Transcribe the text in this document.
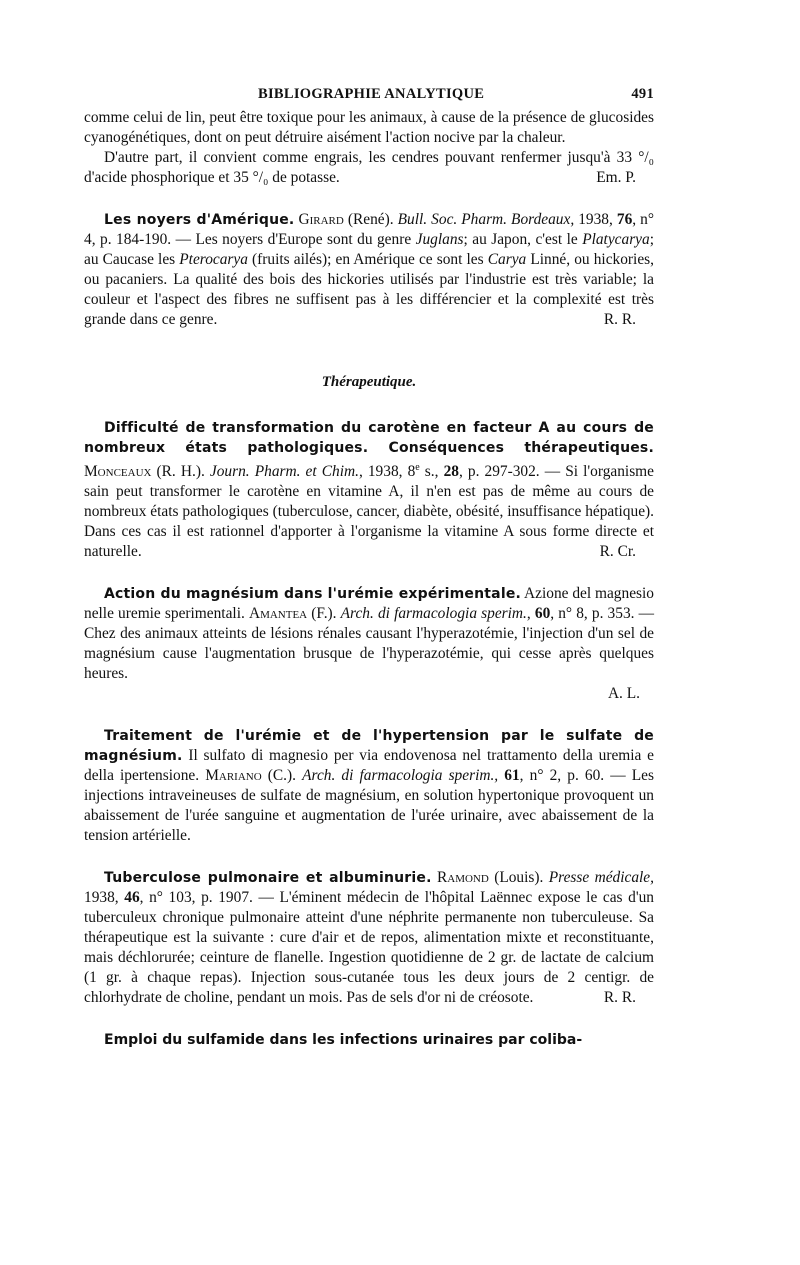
BIBLIOGRAPHIE ANALYTIQUE	491

comme celui de lin, peut être toxique pour les animaux, à cause de la présence de glucosides cyanogénétiques, dont on peut détruire aisément l'action nocive par la chaleur.

D'autre part, il convient comme engrais, les cendres pouvant renfermer jusqu'à 33 °/₀ d'acide phosphorique et 35 °/₀ de potasse.	Em. P.

Les noyers d'Amérique. Girard (René). Bull. Soc. Pharm. Bordeaux, 1938, 76, n° 4, p. 184-190. — Les noyers d'Europe sont du genre Juglans; au Japon, c'est le Platycarya; au Caucase les Pterocarya (fruits ailés); en Amérique ce sont les Carya Linné, ou hickories, ou pacaniers. La qualité des bois des hickories utilisés par l'industrie est très variable; la couleur et l'aspect des fibres ne suffisent pas à les différencier et la complexité est très grande dans ce genre.	R. R.

Thérapeutique.

Difficulté de transformation du carotène en facteur A au cours de nombreux états pathologiques. Conséquences thérapeutiques. Monceaux (R. H.). Journ. Pharm. et Chim., 1938, 8e s., 28, p. 297-302. — Si l'organisme sain peut transformer le carotène en vitamine A, il n'en est pas de même au cours de nombreux états pathologiques (tuberculose, cancer, diabète, obésité, insuffisance hépatique). Dans ces cas il est rationnel d'apporter à l'organisme la vitamine A sous forme directe et naturelle.	R. Cr.

Action du magnésium dans l'urémie expérimentale. Azione del magnesio nelle uremie sperimentali. Amantea (F.). Arch. di farmacologia sperim., 60, n° 8, p. 353. — Chez des animaux atteints de lésions rénales causant l'hyperazotémie, l'injection d'un sel de magnésium cause l'augmentation brusque de l'hyperazotémie, qui cesse après quelques heures.

A. L.

Traitement de l'urémie et de l'hypertension par le sulfate de magnésium. Il sulfato di magnesio per via endovenosa nel trattamento della uremia e della ipertensione. Mariano (C.). Arch. di farmacologia sperim., 61, n° 2, p. 60. — Les injections intraveineuses de sulfate de magnésium, en solution hypertonique provoquent un abaissement de l'urée sanguine et augmentation de l'urée urinaire, avec abaissement de la tension artérielle.

Tuberculose pulmonaire et albuminurie. Ramond (Louis). Presse médicale, 1938, 46, n° 103, p. 1907. — L'éminent médecin de l'hôpital Laënnec expose le cas d'un tuberculeux chronique pulmonaire atteint d'une néphrite permanente non tuberculeuse. Sa thérapeutique est la suivante : cure d'air et de repos, alimentation mixte et reconstituante, mais déchlorurée; ceinture de flanelle. Ingestion quotidienne de 2 gr. de lactate de calcium (1 gr. à chaque repas). Injection sous-cutanée tous les deux jours de 2 centigr. de chlorhydrate de choline, pendant un mois. Pas de sels d'or ni de créosote.	R. R.

Emploi du sulfamide dans les infections urinaires par coliba-
